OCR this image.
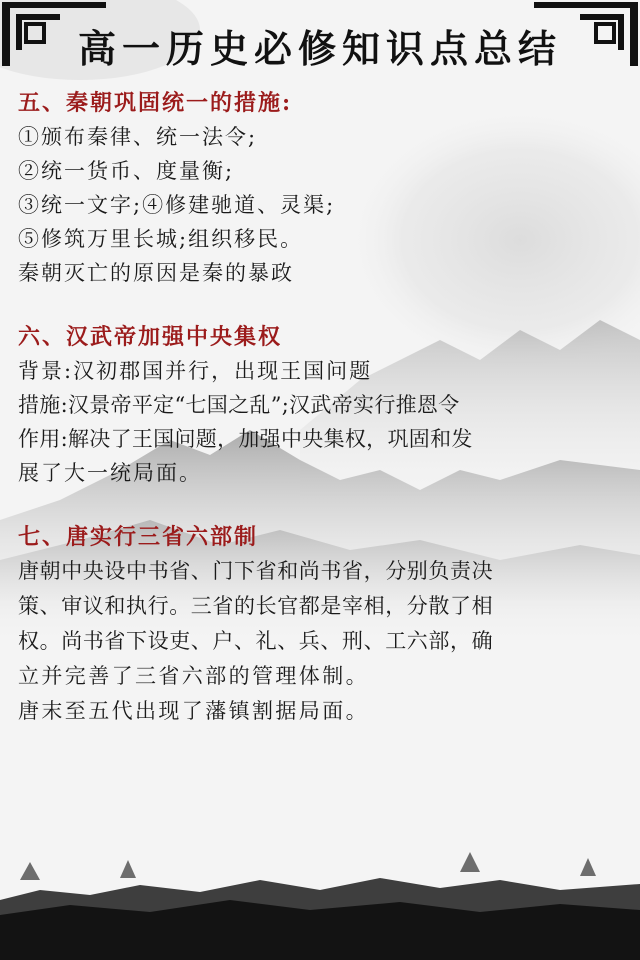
高一历史必修知识点总结
五、秦朝巩固统一的措施:
①颁布秦律、统一法令;
②统一货币、度量衡;
③统一文字;④修建驰道、灵渠;
⑤修筑万里长城;组织移民。
秦朝灭亡的原因是秦的暴政
六、汉武帝加强中央集权
背景:汉初郡国并行，出现王国问题
措施:汉景帝平定“七国之乱”;汉武帝实行推恩令
作用:解决了王国问题，加强中央集权，巩固和发
展了大一统局面。
七、唐实行三省六部制
唐朝中央设中书省、门下省和尚书省，分别负责决
策、审议和执行。三省的长官都是宰相，分散了相
权。尚书省下设吏、户、礼、兵、刑、工六部，确
立并完善了三省六部的管理体制。
唐末至五代出现了藩镇割据局面。
